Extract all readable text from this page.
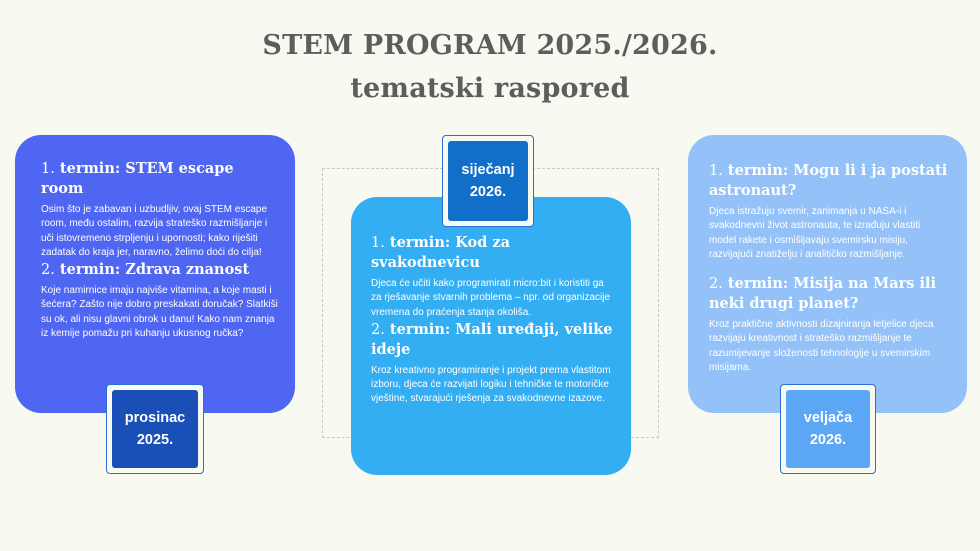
STEM PROGRAM 2025./2026.
tematski raspored
1. termin: STEM escape room

Osim što je zabavan i uzbudljiv, ovaj STEM escape room, među ostalim, razvija strateško razmišljanje i uči istovremeno strpljenju i upornosti; kako riješiti zadatak do kraja jer, naravno, želimo doći do cilja!

2. termin: Zdrava znanost

Koje namirnice imaju najviše vitamina, a koje masti i šećera? Zašto nije dobro preskakati doručak? Slatkiši su ok, ali nisu glavni obrok u danu! Kako nam znanja iz kemije pomažu pri kuhanju ukusnog ručka?

1. termin: Kod za svakodnevicu

Djeca će učiti kako programirati micro:bit i koristiti ga za rješavanje stvarnih problema – npr. od organizacije vremena do praćenja stanja okoliša.

2. termin: Mali uređaji, velike ideje

Kroz kreativno programiranje i projekt prema vlastitom izboru, djeca će razvijati logiku i tehničke te motoričke vještine, stvarajući rješenja za svakodnevne izazove.

1. termin: Mogu li i ja postati astronaut?

Djeca istražuju svemir, zanimanja u NASA-i i svakodnevni život astronauta, te izrađuju vlastiti model rakete i osmišljavaju svemirsku misiju, razvijajući znatiželju i analitičko razmišljanje.

2. termin: Misija na Mars ili neki drugi planet?

Kroz praktične aktivnosti dizajniranja letjelice djeca razvijaju kreativnost i strateško razmišljanje te razumijevanje složenosti tehnologije u svemirskim misijama.

prosinac
2025.
siječanj
2026.
veljača
2026.
